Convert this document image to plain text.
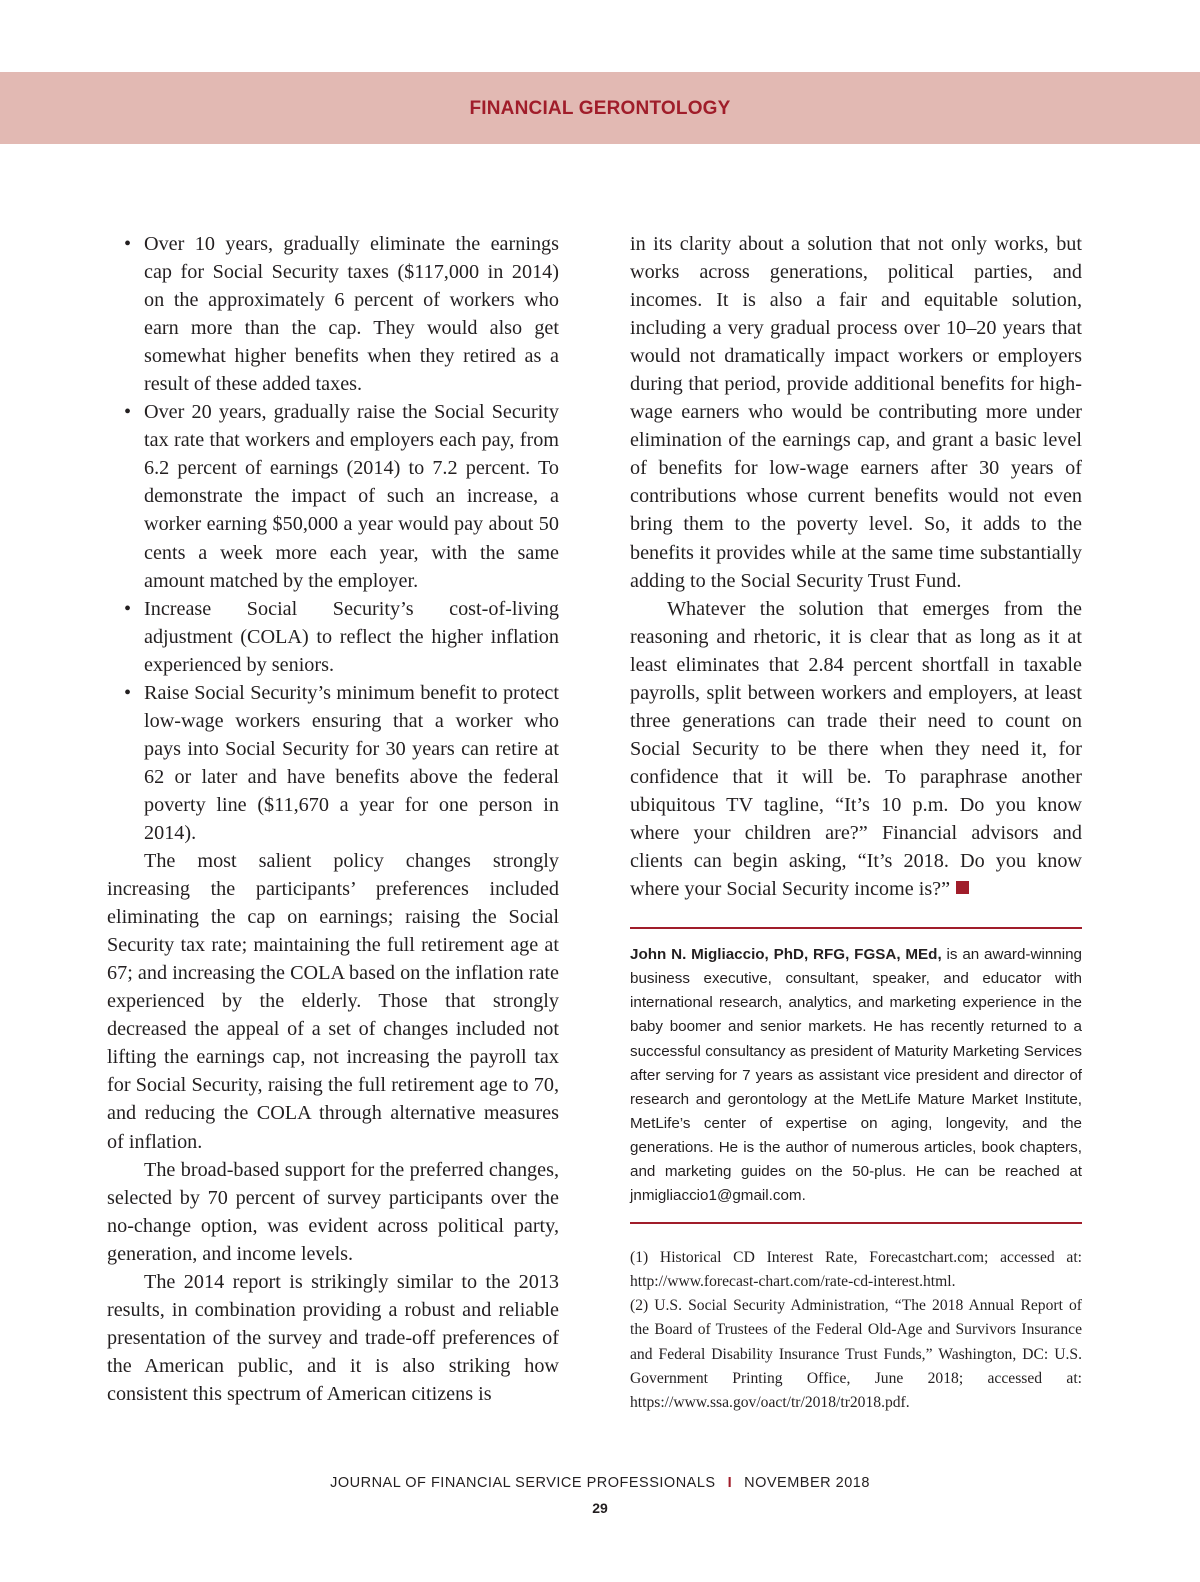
FINANCIAL GERONTOLOGY
• Over 10 years, gradually eliminate the earnings cap for Social Security taxes ($117,000 in 2014) on the approximately 6 percent of workers who earn more than the cap. They would also get somewhat higher benefits when they retired as a result of these added taxes.
• Over 20 years, gradually raise the Social Security tax rate that workers and employers each pay, from 6.2 percent of earnings (2014) to 7.2 percent. To demonstrate the impact of such an increase, a worker earning $50,000 a year would pay about 50 cents a week more each year, with the same amount matched by the employer.
• Increase Social Security’s cost-of-living adjustment (COLA) to reflect the higher inflation experienced by seniors.
• Raise Social Security’s minimum benefit to protect low-wage workers ensuring that a worker who pays into Social Security for 30 years can retire at 62 or later and have benefits above the federal poverty line ($11,670 a year for one person in 2014).

The most salient policy changes strongly increasing the participants’ preferences included eliminating the cap on earnings; raising the Social Security tax rate; maintaining the full retirement age at 67; and increasing the COLA based on the inflation rate experienced by the elderly. Those that strongly decreased the appeal of a set of changes included not lifting the earnings cap, not increasing the payroll tax for Social Security, raising the full retirement age to 70, and reducing the COLA through alternative measures of inflation.

The broad-based support for the preferred changes, selected by 70 percent of survey participants over the no-change option, was evident across political party, generation, and income levels.

The 2014 report is strikingly similar to the 2013 results, in combination providing a robust and reliable presentation of the survey and trade-off preferences of the American public, and it is also striking how consistent this spectrum of American citizens is

in its clarity about a solution that not only works, but works across generations, political parties, and incomes. It is also a fair and equitable solution, including a very gradual process over 10–20 years that would not dramatically impact workers or employers during that period, provide additional benefits for high-wage earners who would be contributing more under elimination of the earnings cap, and grant a basic level of benefits for low-wage earners after 30 years of contributions whose current benefits would not even bring them to the poverty level. So, it adds to the benefits it provides while at the same time substantially adding to the Social Security Trust Fund.

Whatever the solution that emerges from the reasoning and rhetoric, it is clear that as long as it at least eliminates that 2.84 percent shortfall in taxable payrolls, split between workers and employers, at least three generations can trade their need to count on Social Security to be there when they need it, for confidence that it will be. To paraphrase another ubiquitous TV tagline, “It’s 10 p.m. Do you know where your children are?” Financial advisors and clients can begin asking, “It’s 2018. Do you know where your Social Security income is?”

John N. Migliaccio, PhD, RFG, FGSA, MEd, is an award-winning business executive, consultant, speaker, and educator with international research, analytics, and marketing experience in the baby boomer and senior markets. He has recently returned to a successful consultancy as president of Maturity Marketing Services after serving for 7 years as assistant vice president and director of research and gerontology at the MetLife Mature Market Institute, MetLife’s center of expertise on aging, longevity, and the generations. He is the author of numerous articles, book chapters, and marketing guides on the 50-plus. He can be reached at jnmigliaccio1@gmail.com.

(1) Historical CD Interest Rate, Forecastchart.com; accessed at: http://www.forecast-chart.com/rate-cd-interest.html.

(2) U.S. Social Security Administration, “The 2018 Annual Report of the Board of Trustees of the Federal Old-Age and Survivors Insurance and Federal Disability Insurance Trust Funds,” Washington, DC: U.S. Government Printing Office, June 2018; accessed at: https://www.ssa.gov/oact/tr/2018/tr2018.pdf.

JOURNAL OF FINANCIAL SERVICE PROFESSIONALS I NOVEMBER 2018
29
